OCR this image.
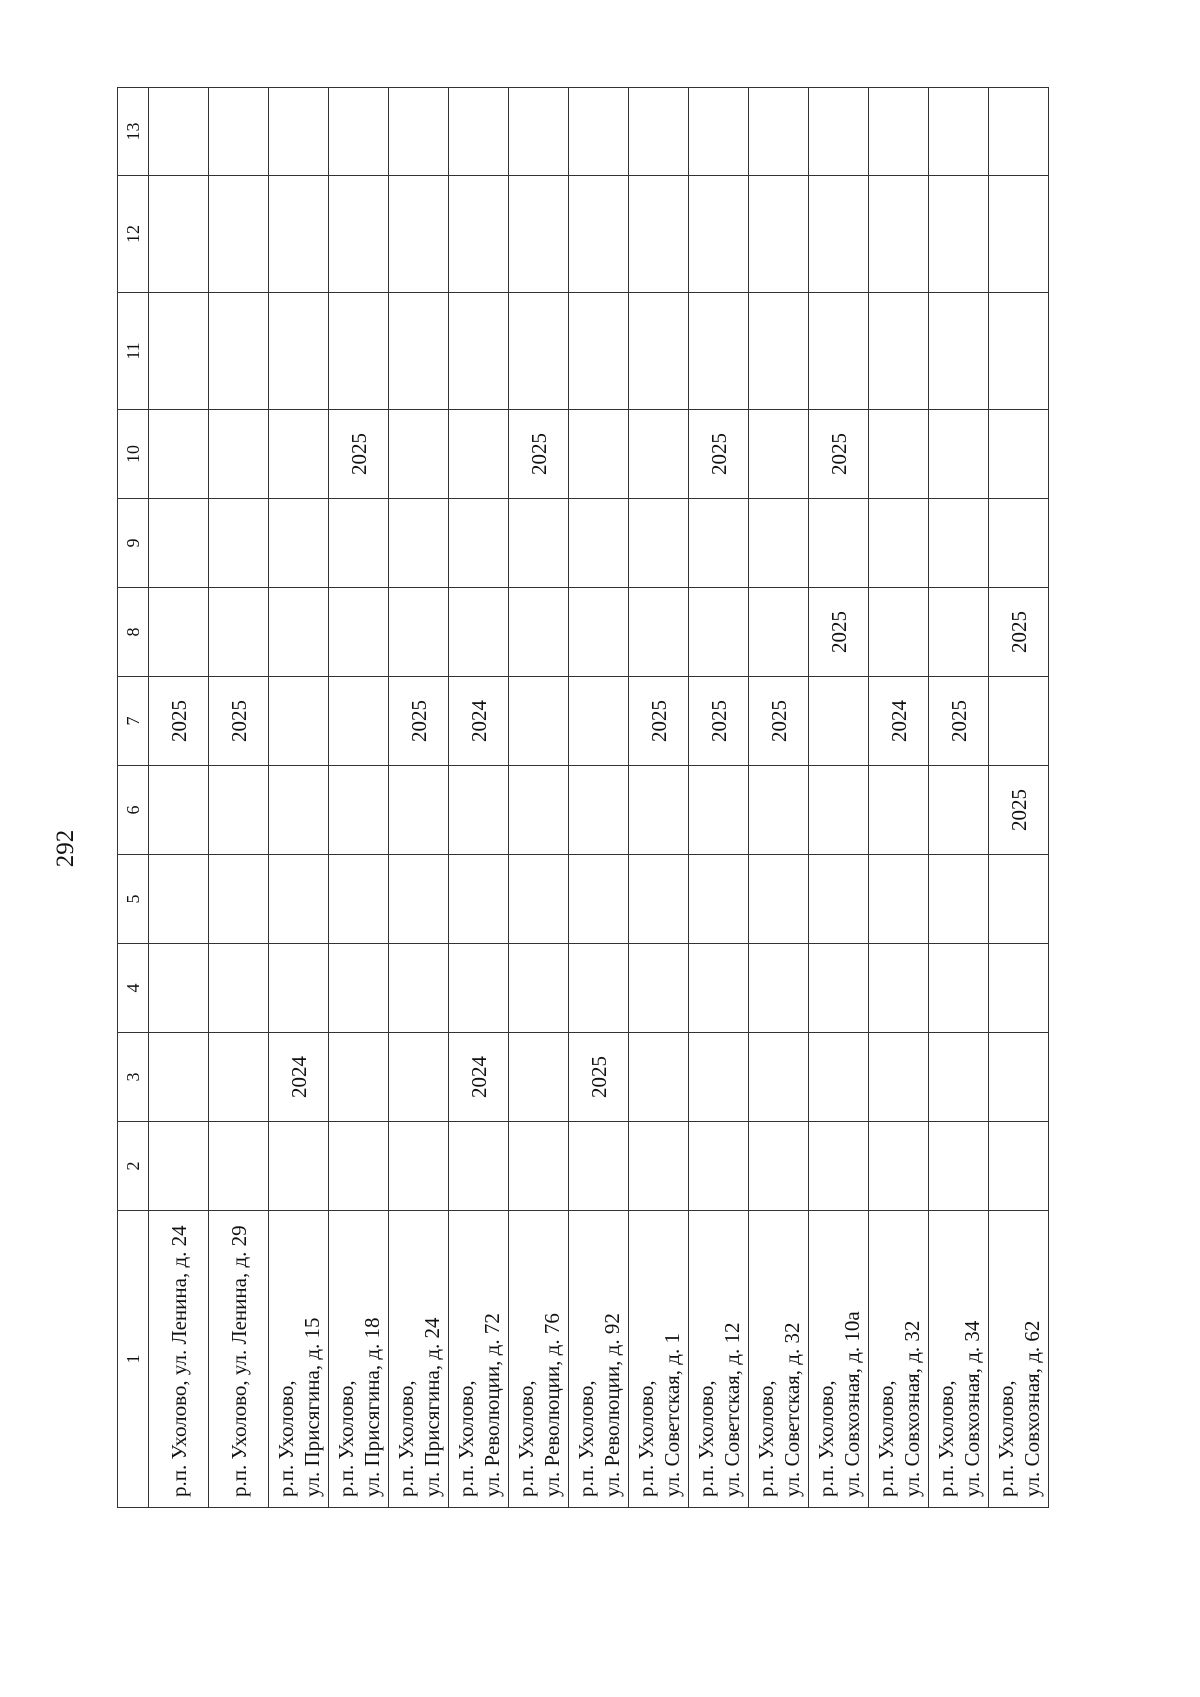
292
1	2	3	4	5	6	7	8	9	10	11	12	13
р.п. Ухолово, ул. Ленина, д. 24						2025						
р.п. Ухолово, ул. Ленина, д. 29						2025						
р.п. Ухолово,
ул. Присягина, д. 15		2024										
р.п. Ухолово,
ул. Присягина, д. 18									2025			
р.п. Ухолово,
ул. Присягина, д. 24						2025						
р.п. Ухолово,
ул. Революции, д. 72		2024				2024						
р.п. Ухолово,
ул. Революции, д. 76									2025			
р.п. Ухолово,
ул. Революции, д. 92		2025										
р.п. Ухолово,
ул. Советская, д. 1						2025						
р.п. Ухолово,
ул. Советская, д. 12						2025			2025			
р.п. Ухолово,
ул. Советская, д. 32						2025						
р.п. Ухолово,
ул. Совхозная, д. 10а							2025		2025			
р.п. Ухолово,
ул. Совхозная, д. 32						2024						
р.п. Ухолово,
ул. Совхозная, д. 34						2025						
р.п. Ухолово,
ул. Совхозная, д. 62					2025		2025					
